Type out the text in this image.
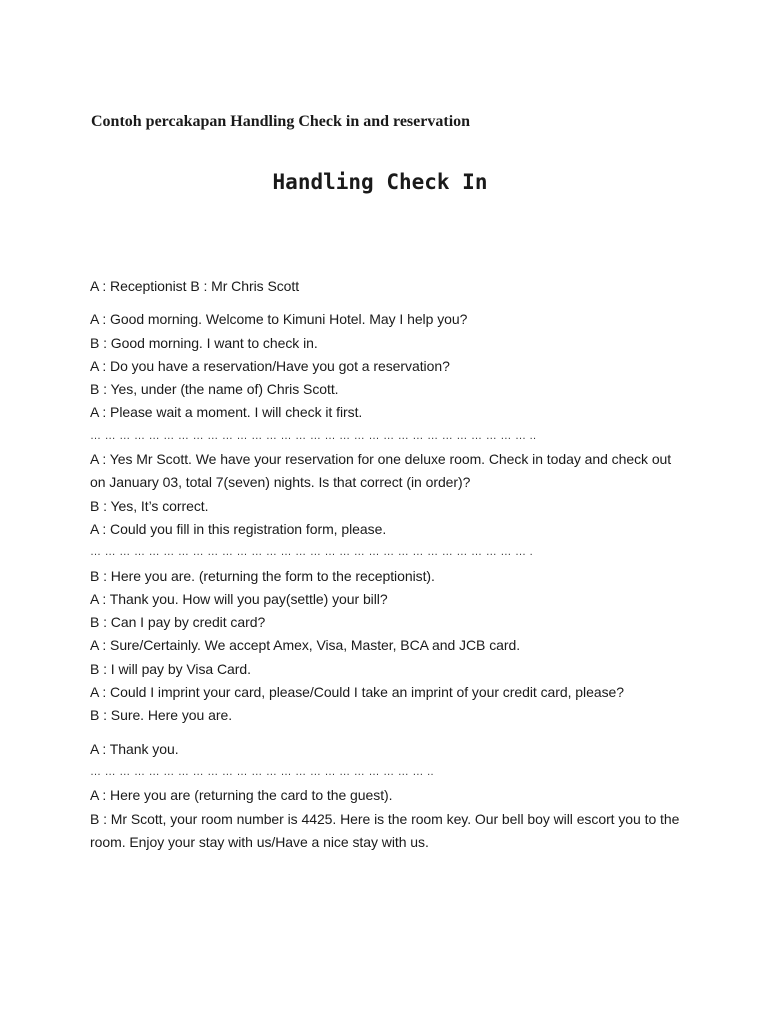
Contoh percakapan Handling Check in and reservation
Handling Check In

A : Receptionist B : Mr Chris Scott

A : Good morning. Welcome to Kimuni Hotel. May I help you?
B : Good morning. I want to check in.
A : Do you have a reservation/Have you got a reservation?
B : Yes, under (the name of) Chris Scott.
A : Please wait a moment. I will check it first.
… … … … … … … … … … … … … … … … … … … … … … … … … … … … … … ..
A : Yes Mr Scott. We have your reservation for one deluxe room. Check in today and check out on January 03, total 7(seven) nights. Is that correct (in order)?
B : Yes, It’s correct.
A : Could you fill in this registration form, please.
… … … … … … … … … … … … … … … … … … … … … … … … … … … … … … .
B : Here you are. (returning the form to the receptionist).
A : Thank you. How will you pay(settle) your bill?
B : Can I pay by credit card?
A : Sure/Certainly. We accept Amex, Visa, Master, BCA and JCB card.
B : I will pay by Visa Card.
A : Could I imprint your card, please/Could I take an imprint of your credit card, please?
B : Sure. Here you are.

A : Thank you.
… … … … … … … … … … … … … … … … … … … … … … … ..
A : Here you are (returning the card to the guest).
B : Mr Scott, your room number is 4425. Here is the room key. Our bell boy will escort you to the room. Enjoy your stay with us/Have a nice stay with us.
